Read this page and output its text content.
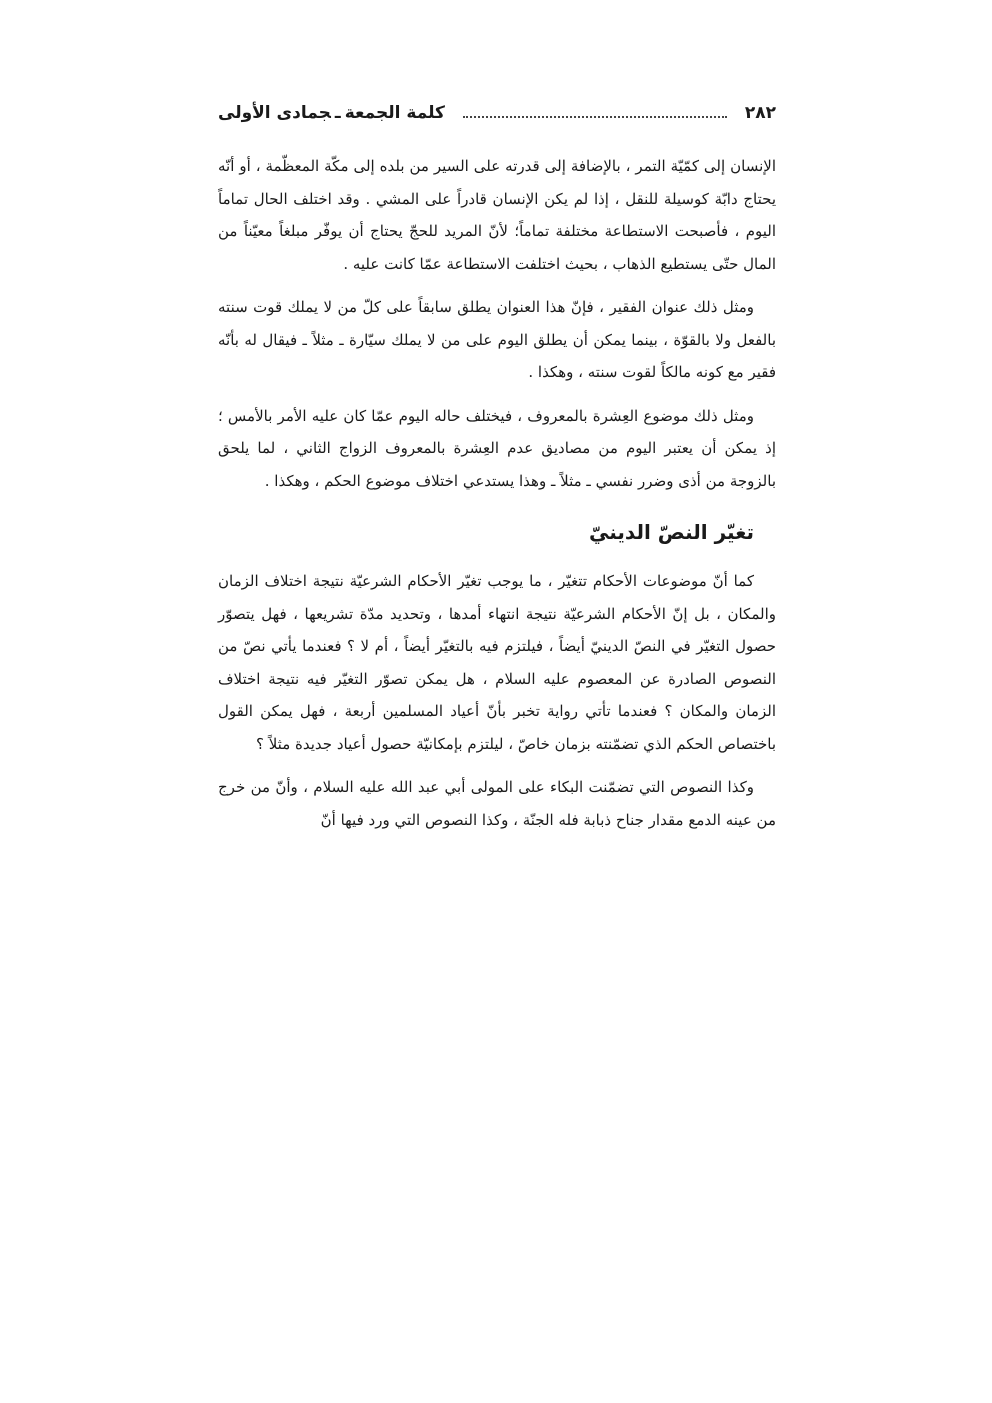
٢٨٢
كلمة الجمعةـجمادى الأولى

الإنسان إلى كمّيّة التمر ، بالإضافة إلى قدرته على السير من بلده إلى مكّة المعظّمة ، أو أنّه يحتاج دابّة كوسيلة للنقل ، إذا لم يكن الإنسان قادراً على المشي . وقد اختلف الحال تماماً اليوم ، فأصبحت الاستطاعة مختلفة تماماً؛ لأنّ المريد للحجّ يحتاج أن يوفّر مبلغاً معيّناً من المال حتّى يستطيع الذهاب ، بحيث اختلفت الاستطاعة عمّا كانت عليه .

ومثل ذلك عنوان الفقير ، فإنّ هذا العنوان يطلق سابقاً على كلّ من لا يملك قوت سنته بالفعل ولا بالقوّة ، بينما يمكن أن يطلق اليوم على من لا يملك سيّارة ـ مثلاً ـ فيقال له بأنّه فقير مع كونه مالكاً لقوت سنته ، وهكذا .

ومثل ذلك موضوع العِشرة بالمعروف ، فيختلف حاله اليوم عمّا كان عليه الأمر بالأمس ؛ إذ يمكن أن يعتبر اليوم من مصاديق عدم العِشرة بالمعروف الزواج الثاني ، لما يلحق بالزوجة من أذى وضرر نفسي ـ مثلاً ـ وهذا يستدعي اختلاف موضوع الحكم ، وهكذا .

تغيّر النصّ الدينيّ

كما أنّ موضوعات الأحكام تتغيّر ، ما يوجب تغيّر الأحكام الشرعيّة نتيجة اختلاف الزمان والمكان ، بل إنّ الأحكام الشرعيّة نتيجة انتهاء أمدها ، وتحديد مدّة تشريعها ، فهل يتصوّر حصول التغيّر في النصّ الدينيّ أيضاً ، فيلتزم فيه بالتغيّر أيضاً ، أم لا ؟ فعندما يأتي نصّ من النصوص الصادرة عن المعصوم عليه السلام ، هل يمكن تصوّر التغيّر فيه نتيجة اختلاف الزمان والمكان ؟ فعندما تأتي رواية تخبر بأنّ أعياد المسلمين أربعة ، فهل يمكن القول باختصاص الحكم الذي تضمّنته بزمان خاصّ ، ليلتزم بإمكانيّة حصول أعياد جديدة مثلاً ؟

وكذا النصوص التي تضمّنت البكاء على المولى أبي عبد الله عليه السلام ، وأنّ من خرج من عينه الدمع مقدار جناح ذبابة فله الجنّة ، وكذا النصوص التي ورد فيها أنّ
